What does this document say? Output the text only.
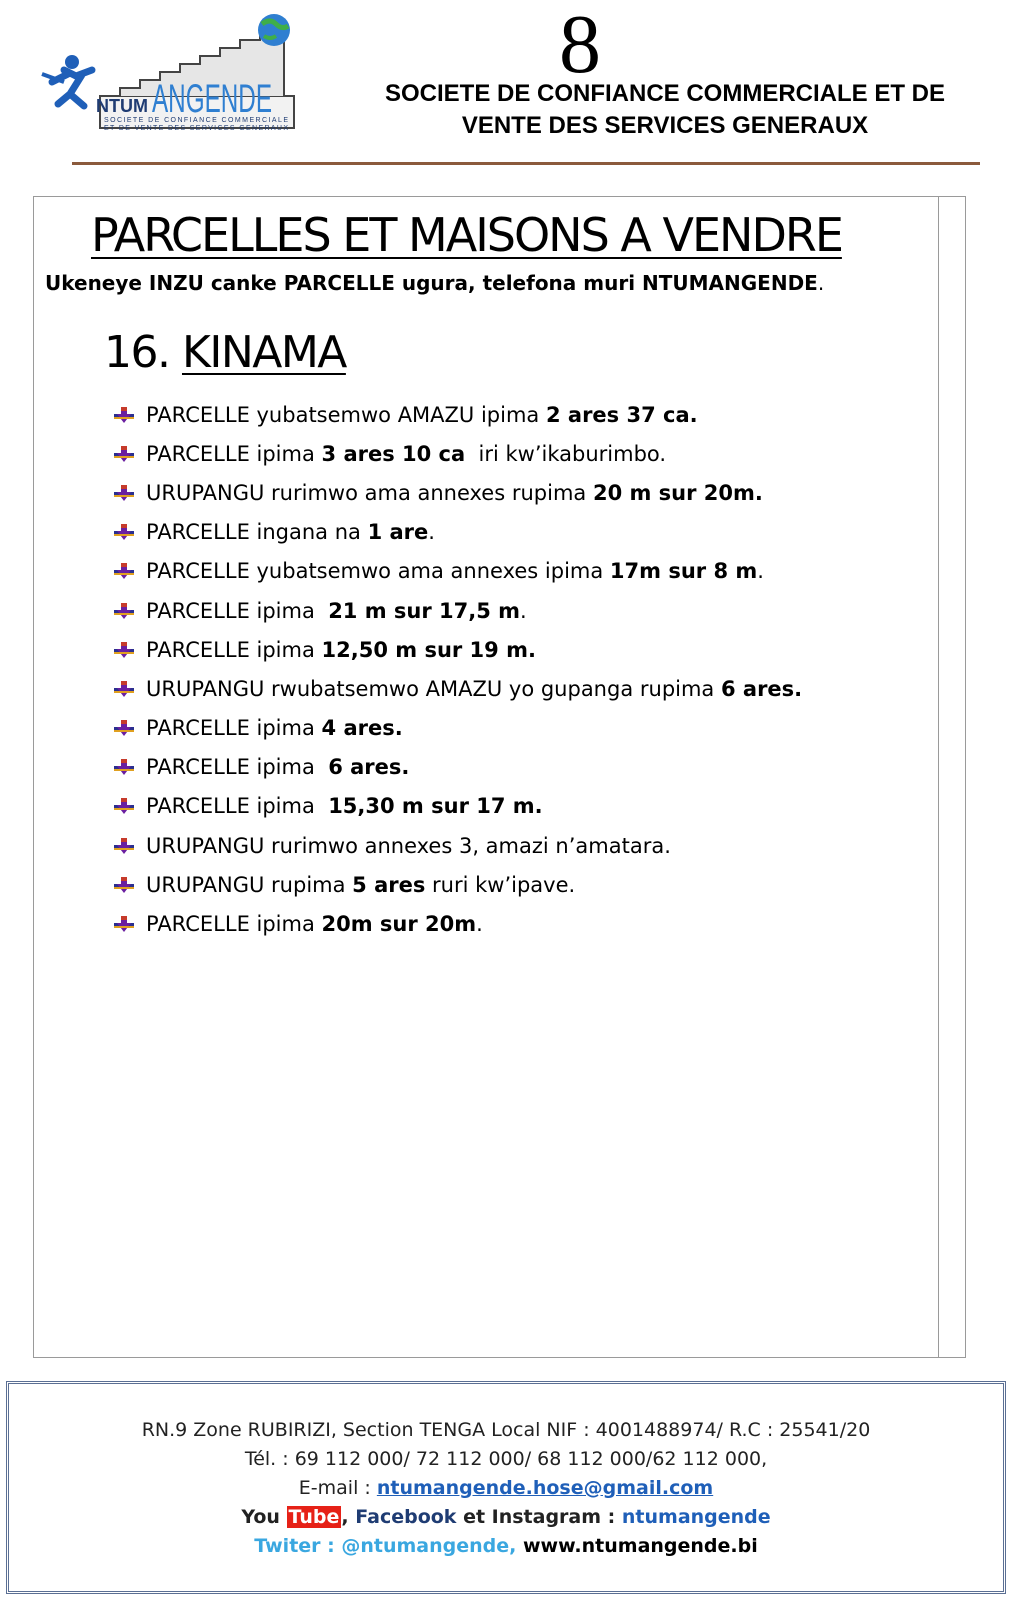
NTUM ANGENDE
SOCIETE DE CONFIANCE COMMERCIALE
ET DE VENTE DES SERVICES GENERAUX
8
SOCIETE DE CONFIANCE COMMERCIALE ET DE
VENTE DES SERVICES GENERAUX
PARCELLES ET MAISONS A VENDRE
Ukeneye INZU canke PARCELLE ugura, telefona muri NTUMANGENDE.
16. KINAMA
PARCELLE yubatsemwo AMAZU ipima 2 ares 37 ca.
PARCELLE ipima 3 ares 10 ca iri kw’ikaburimbo.
URUPANGU rurimwo ama annexes rupima 20 m sur 20m.
PARCELLE ingana na 1 are .
PARCELLE yubatsemwo ama annexes ipima 17m sur 8 m .
PARCELLE ipima 21 m sur 17,5 m .
PARCELLE ipima 12,50 m sur 19 m.
URUPANGU rwubatsemwo AMAZU yo gupanga rupima 6 ares.
PARCELLE ipima 4 ares.
PARCELLE ipima 6 ares.
PARCELLE ipima 15,30 m sur 17 m.
URUPANGU rurimwo annexes 3, amazi n’amatara.
URUPANGU rupima 5 ares ruri kw’ipave.
PARCELLE ipima 20m sur 20m .
RN.9 Zone RUBIRIZI, Section TENGA Local NIF : 4001488974/ R.C : 25541/20
Tél. : 69 112 000/ 72 112 000/ 68 112 000/62 112 000,
E-mail : ntumangende.hose@gmail.com
You Tube , Facebook et Instagram : ntumangende
Twiter : @ntumangende, www.ntumangende.bi
